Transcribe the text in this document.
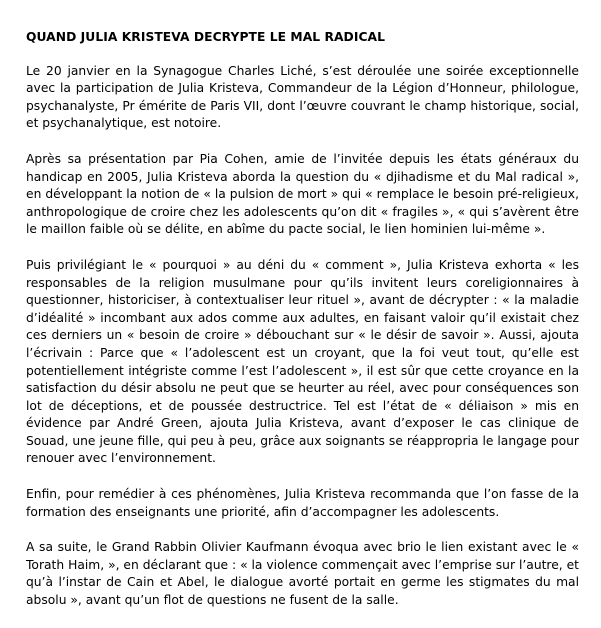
QUAND JULIA KRISTEVA DECRYPTE LE MAL RADICAL

Le 20 janvier en la Synagogue Charles Liché, s’est déroulée une soirée exceptionnelle avec la participation de Julia Kristeva, Commandeur de la Légion d’Honneur, philologue, psychanalyste, Pr émérite de Paris VII, dont l’œuvre couvrant le champ historique, social, et psychanalytique, est notoire.

Après sa présentation par Pia Cohen, amie de l’invitée depuis les états généraux du handicap en 2005, Julia Kristeva aborda la question du « djihadisme et du Mal radical », en développant la notion de « la pulsion de mort » qui « remplace le besoin pré-religieux, anthropologique de croire chez les adolescents qu’on dit « fragiles », « qui s’avèrent être le maillon faible où se délite, en abîme du pacte social, le lien hominien lui-même ».

Puis privilégiant le « pourquoi » au déni du « comment », Julia Kristeva exhorta « les responsables de la religion musulmane pour qu’ils invitent leurs coreligionnaires à questionner, historiciser, à contextualiser leur rituel », avant de décrypter : « la maladie d’idéalité » incombant aux ados comme aux adultes, en faisant valoir qu’il existait chez ces derniers un « besoin de croire » débouchant sur « le désir de savoir ». Aussi, ajouta l’écrivain : Parce que « l’adolescent est un croyant, que la foi veut tout, qu’elle est potentiellement intégriste comme l’est l’adolescent », il est sûr que cette croyance en la satisfaction du désir absolu ne peut que se heurter au réel, avec pour conséquences son lot de déceptions, et de poussée destructrice. Tel est l’état de « déliaison » mis en évidence par André Green, ajouta Julia Kristeva, avant d’exposer le cas clinique de Souad, une jeune fille, qui peu à peu, grâce aux soignants se réappropria le langage pour renouer avec l’environnement.

Enfin, pour remédier à ces phénomènes, Julia Kristeva recommanda que l’on fasse de la formation des enseignants une priorité, afin d’accompagner les adolescents.

A sa suite, le Grand Rabbin Olivier Kaufmann évoqua avec brio le lien existant avec le « Torath Haim, », en déclarant que : « la violence commençait avec l’emprise sur l’autre, et qu’à l’instar de Cain et Abel, le dialogue avorté portait en germe les stigmates du mal absolu », avant qu’un flot de questions ne fusent de la salle.
